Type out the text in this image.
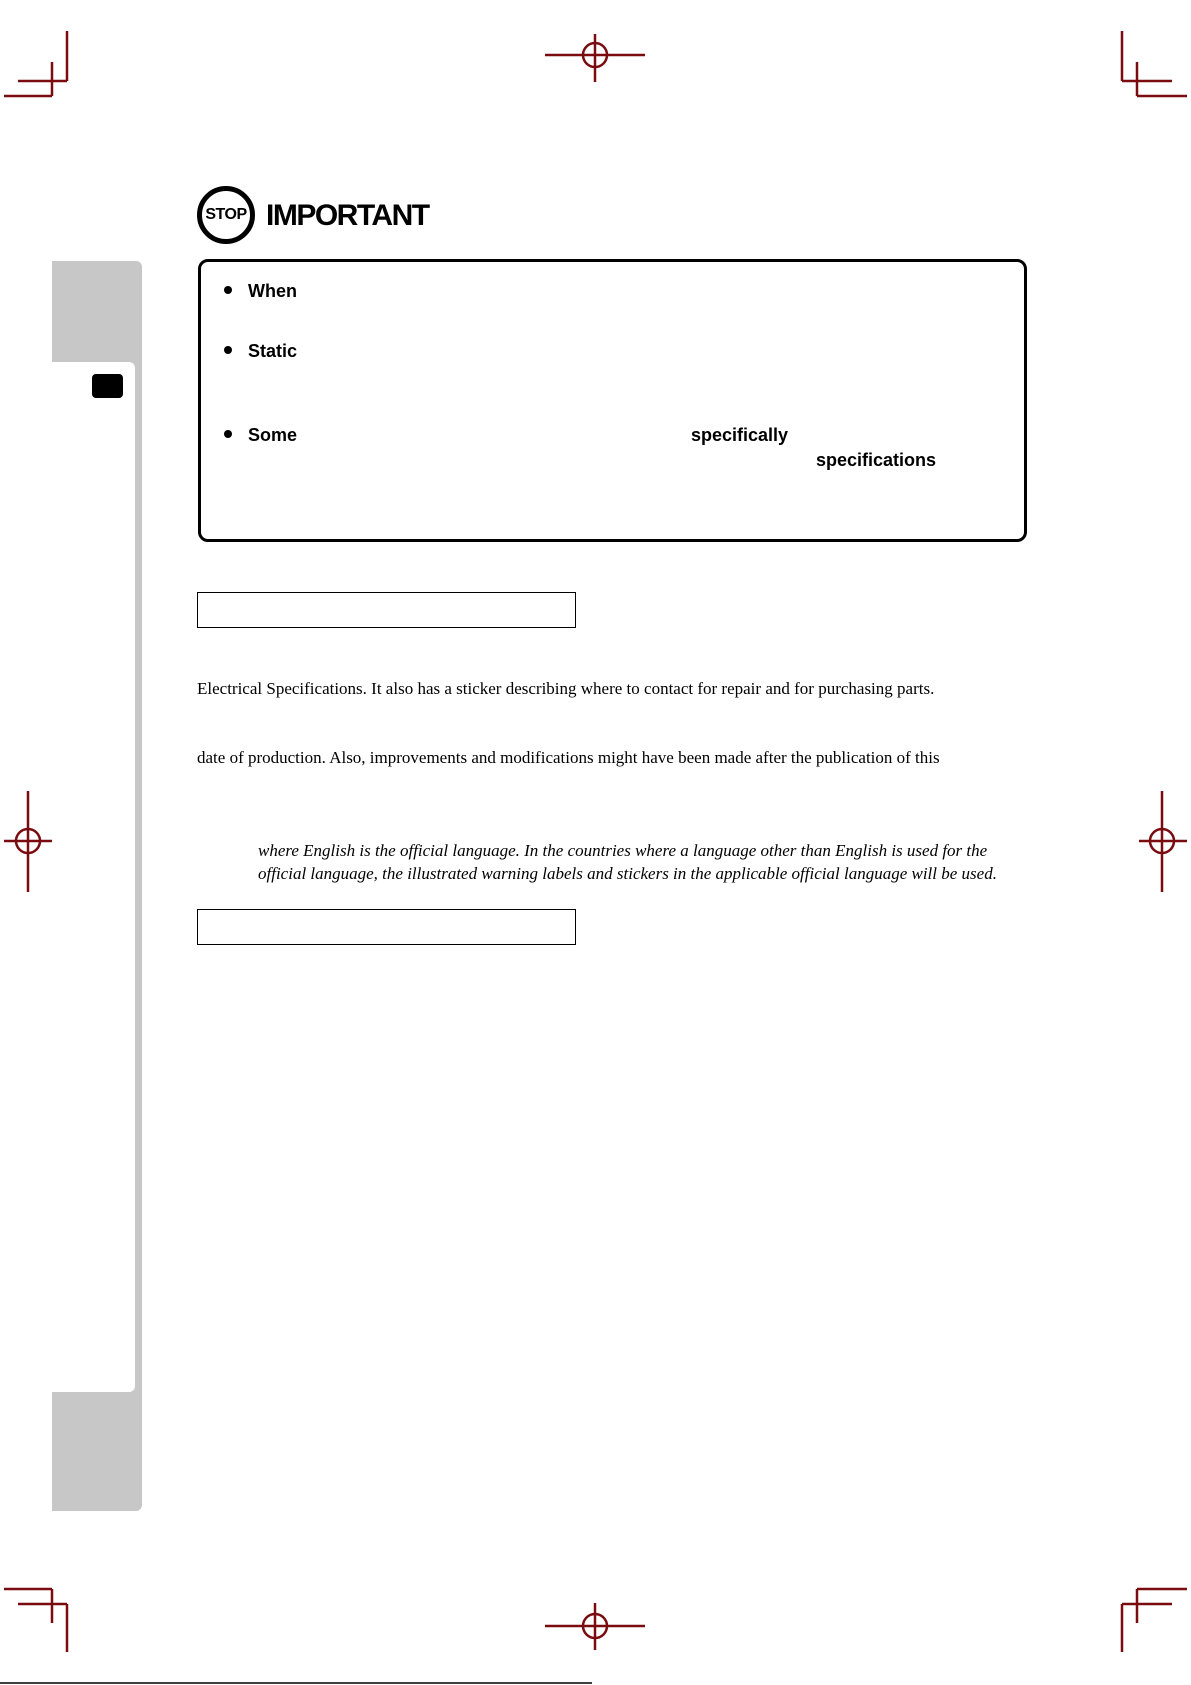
STOP IMPORTANT
When
Static
Some	specifically
specifications
Electrical Specifications. It also has a sticker describing where to contact for repair and for purchasing parts.
date of production. Also, improvements and modifications might have been made after the publication of this
where English is the official language. In the countries where a language other than English is used for the
official language, the illustrated warning labels and stickers in the applicable official language will be used.
